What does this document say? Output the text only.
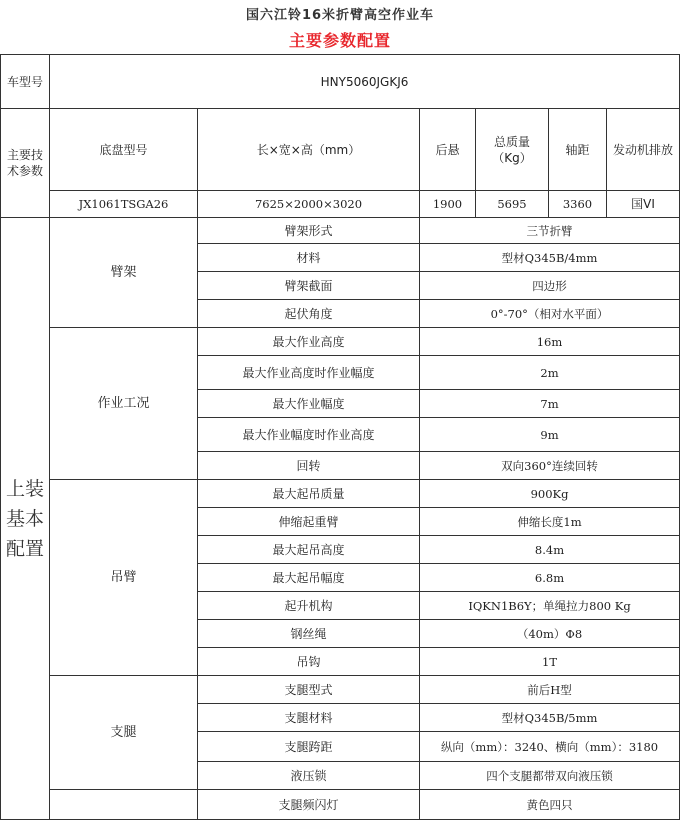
国六江铃16米折臂高空作业车
主要参数配置
车型号	HNY5060JGKJ6					
主要技术参数	底盘型号	长×宽×高（mm）	后悬	总质量（Kg）	轴距	发动机排放
	JX1061TSGA26	7625×2000×3020	1900	5695	3360	国VI
上装基本配置	臂架	臂架形式	三节折臂			
		材料	型材Q345B/4mm			
		臂架截面	四边形			
		起伏角度	0°-70°（相对水平面）			
	作业工况	最大作业高度	16m			
		最大作业高度时作业幅度	2m			
		最大作业幅度	7m			
		最大作业幅度时作业高度	9m			
		回转	双向360°连续回转			
	吊臂	最大起吊质量	900Kg			
		伸缩起重臂	伸缩长度1m			
		最大起吊高度	8.4m			
		最大起吊幅度	6.8m			
		起升机构	IQKN1B6Y；单绳拉力800 Kg			
		钢丝绳	（40m）Φ8			
		吊钩	1T			
	支腿	支腿型式	前后H型			
		支腿材料	型材Q345B/5mm			
		支腿跨距	纵向（mm）：3240、横向（mm）：3180			
		液压锁	四个支腿都带双向液压锁			
		支腿频闪灯	黄色四只			
